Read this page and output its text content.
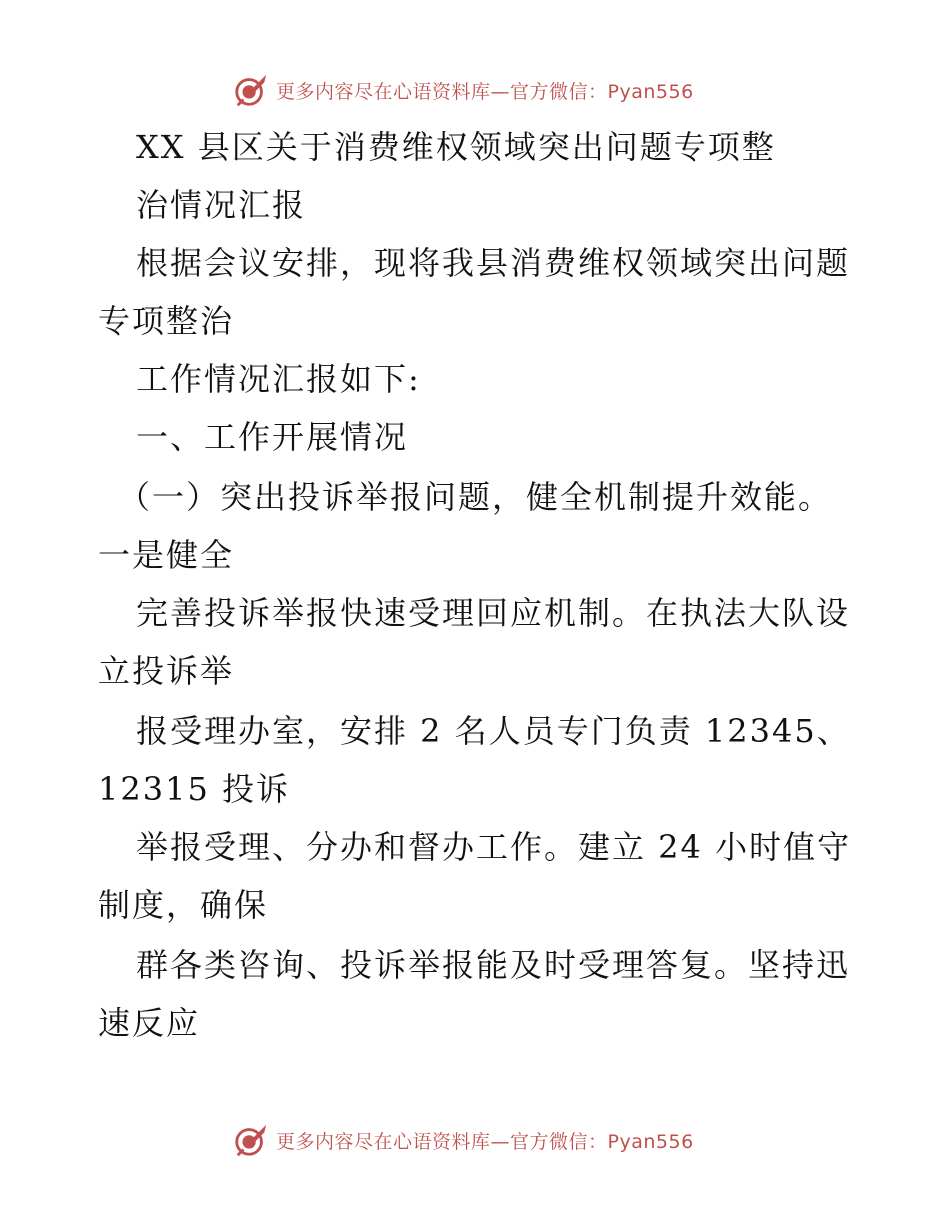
更多内容尽在心语资料库—官方微信：Pyan556
XX 县区关于消费维权领域突出问题专项整
治情况汇报
根据会议安排，现将我县消费维权领域突出问题
专项整治
工作情况汇报如下:
一、工作开展情况
（一）突出投诉举报问题，健全机制提升效能。
一是健全
完善投诉举报快速受理回应机制。在执法大队设
立投诉举
报受理办室，安排 2 名人员专门负责 12345、
12315 投诉
举报受理、分办和督办工作。建立 24 小时值守
制度，确保
群各类咨询、投诉举报能及时受理答复。坚持迅
速反应
更多内容尽在心语资料库—官方微信：Pyan556
